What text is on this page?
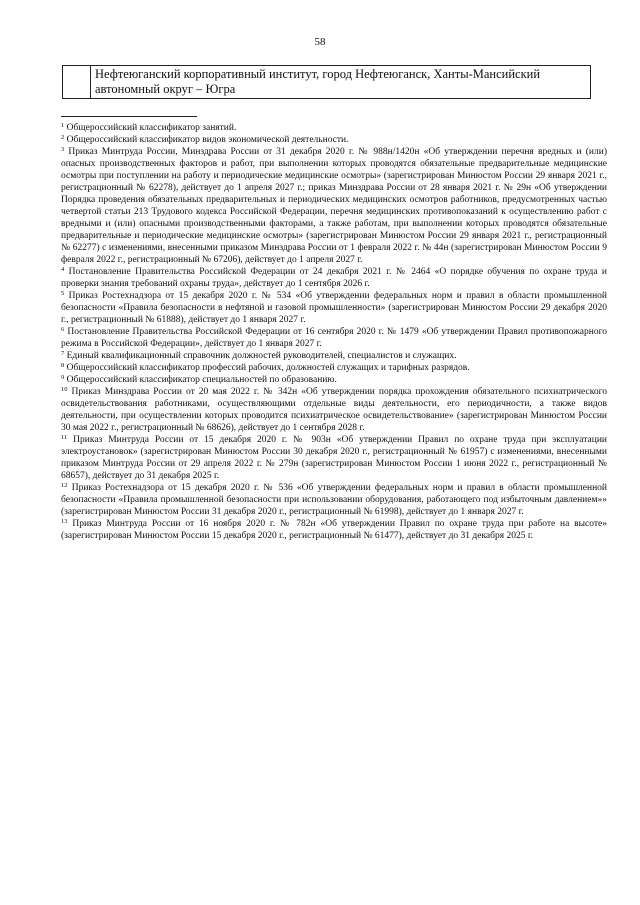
58
Нефтеюганский корпоративный институт, город Нефтеюганск, Ханты-Мансийский автономный округ – Югра

$^1$ Общероссийский классификатор занятий.

$^2$ Общероссийский классификатор видов экономической деятельности.

$^3$ Приказ Минтруда России, Минздрава России от 31 декабря 2020 г. № 988н/1420н «Об утверждении перечня вредных и (или) опасных производственных факторов и работ, при выполнении которых проводятся обязательные предварительные медицинские осмотры при поступлении на работу и периодические медицинские осмотры» (зарегистрирован Минюстом России 29 января 2021 г., регистрационный № 62278), действует до 1 апреля 2027 г.; приказ Минздрава России от 28 января 2021 г. № 29н «Об утверждении Порядка проведения обязательных предварительных и периодических медицинских осмотров работников, предусмотренных частью четвертой статьи 213 Трудового кодекса Российской Федерации, перечня медицинских противопоказаний к осуществлению работ с вредными и (или) опасными производственными факторами, а также работам, при выполнении которых проводятся обязательные предварительные и периодические медицинские осмотры» (зарегистрирован Минюстом России 29 января 2021 г., регистрационный № 62277) с изменениями, внесенными приказом Минздрава России от 1 февраля 2022 г. № 44н (зарегистрирован Минюстом России 9 февраля 2022 г., регистрационный № 67206), действует до 1 апреля 2027 г.

$^4$ Постановление Правительства Российской Федерации от 24 декабря 2021 г. № 2464 «О порядке обучения по охране труда и проверки знания требований охраны труда», действует до 1 сентября 2026 г.

$^5$ Приказ Ростехнадзора от 15 декабря 2020 г. № 534 «Об утверждении федеральных норм и правил в области промышленной безопасности «Правила безопасности в нефтяной и газовой промышленности» (зарегистрирован Минюстом России 29 декабря 2020 г., регистрационный № 61888), действует до 1 января 2027 г.

$^6$ Постановление Правительства Российской Федерации от 16 сентября 2020 г. № 1479 «Об утверждении Правил противопожарного режима в Российской Федерации», действует до 1 января 2027 г.

$^7$ Единый квалификационный справочник должностей руководителей, специалистов и служащих.

$^8$ Общероссийский классификатор профессий рабочих, должностей служащих и тарифных разрядов.

$^9$ Общероссийский классификатор специальностей по образованию.

$^{10}$ Приказ Минздрава России от 20 мая 2022 г. № 342н «Об утверждении порядка прохождения обязательного психиатрического освидетельствования работниками, осуществляющими отдельные виды деятельности, его периодичности, а также видов деятельности, при осуществлении которых проводится психиатрическое освидетельствование» (зарегистрирован Минюстом России 30 мая 2022 г., регистрационный № 68626), действует до 1 сентября 2028 г.

$^{11}$ Приказ Минтруда России от 15 декабря 2020 г. № 903н «Об утверждении Правил по охране труда при эксплуатации электроустановок» (зарегистрирован Минюстом России 30 декабря 2020 г., регистрационный № 61957) с изменениями, внесенными приказом Минтруда России от 29 апреля 2022 г. № 279н (зарегистрирован Минюстом России 1 июня 2022 г., регистрационный № 68657), действует до 31 декабря 2025 г.

$^{12}$ Приказ Ростехнадзора от 15 декабря 2020 г. № 536 «Об утверждении федеральных норм и правил в области промышленной безопасности «Правила промышленной безопасности при использовании оборудования, работающего под избыточным давлением»» (зарегистрирован Минюстом России 31 декабря 2020 г., регистрационный № 61998), действует до 1 января 2027 г.

$^{13}$ Приказ Минтруда России от 16 ноября 2020 г. № 782н «Об утверждении Правил по охране труда при работе на высоте» (зарегистрирован Минюстом России 15 декабря 2020 г., регистрационный № 61477), действует до 31 декабря 2025 г.
